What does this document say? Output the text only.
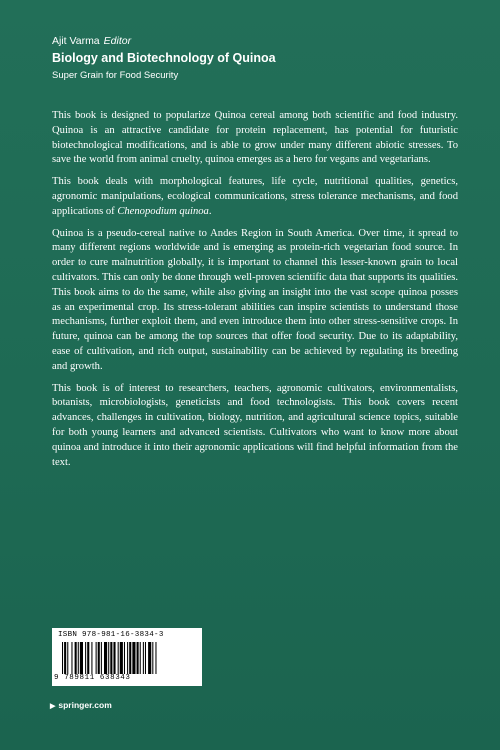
Ajit Varma Editor

Biology and Biotechnology of Quinoa

Super Grain for Food Security

This book is designed to popularize Quinoa cereal among both scientific and food industry. Quinoa is an attractive candidate for protein replacement, has potential for futuristic biotechnological modifications, and is able to grow under many different abiotic stresses. To save the world from animal cruelty, quinoa emerges as a hero for vegans and vegetarians.

This book deals with morphological features, life cycle, nutritional qualities, genetics, agronomic manipulations, ecological communications, stress tolerance mechanisms, and food applications of Chenopodium quinoa.

Quinoa is a pseudo-cereal native to Andes Region in South America. Over time, it spread to many different regions worldwide and is emerging as protein-rich vegetarian food source. In order to cure malnutrition globally, it is important to channel this lesser-known grain to local cultivators. This can only be done through well-proven scientific data that supports its qualities. This book aims to do the same, while also giving an insight into the vast scope quinoa posses as an experimental crop. Its stress-tolerant abilities can inspire scientists to understand those mechanisms, further exploit them, and even introduce them into other stress-sensitive crops. In future, quinoa can be among the top sources that offer food security. Due to its adaptability, ease of cultivation, and rich output, sustainability can be achieved by regulating its breeding and growth.

This book is of interest to researchers, teachers, agronomic cultivators, environmentalists, botanists, microbiologists, geneticists and food technologists. This book covers recent advances, challenges in cultivation, biology, nutrition, and agricultural science topics, suitable for both young learners and advanced scientists. Cultivators who want to know more about quinoa and introduce it into their agronomic applications will find helpful information from the text.

ISBN 978-981-16-3834-3
9 789811 638343
▶ springer.com
